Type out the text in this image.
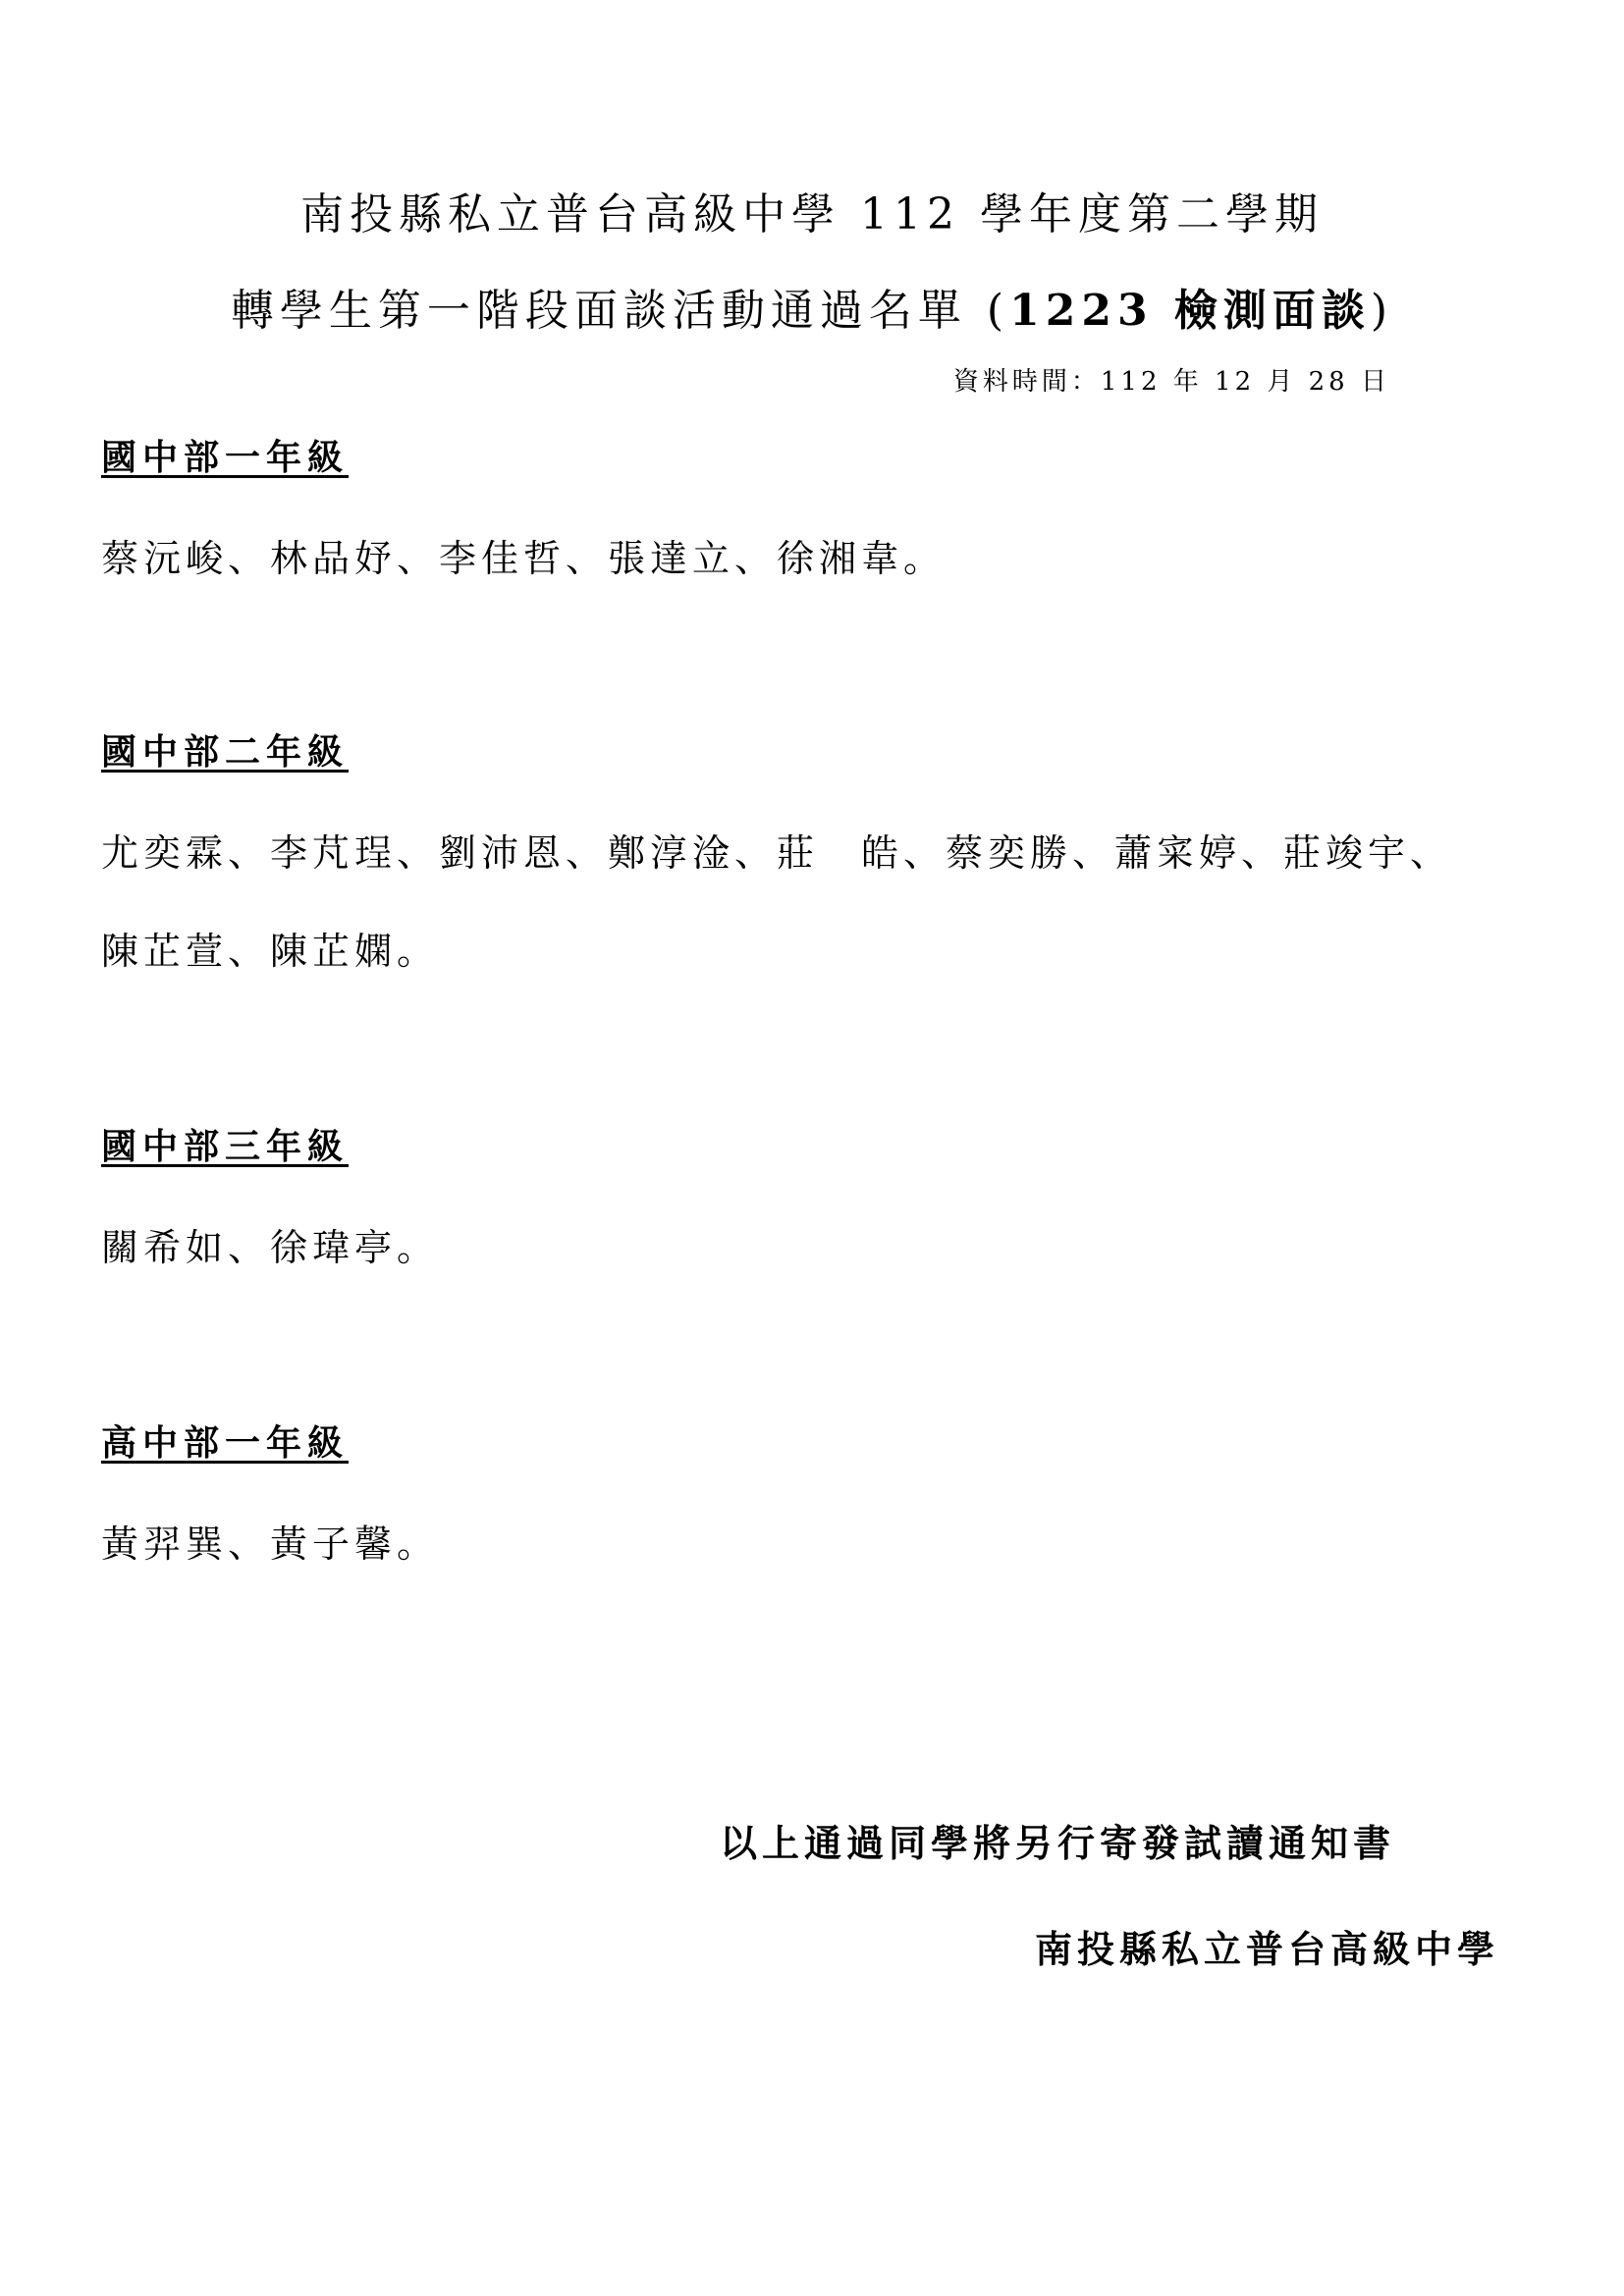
南投縣私立普台高級中學 112 學年度第二學期
轉學生第一階段面談活動通過名單 (1223 檢測面談)
資料時間：112 年 12 月 28 日
國中部一年級
蔡沅峻、林品妤、李佳哲、張達立、徐湘韋。
國中部二年級
尤奕霖、李芃珵、劉沛恩、鄭淳淦、莊　皓、蔡奕勝、蕭寀婷、莊竣宇、
陳芷萱、陳芷嫻。
國中部三年級
關希如、徐瑋亭。
高中部一年級
黃羿巽、黃子馨。
以上通過同學將另行寄發試讀通知書
南投縣私立普台高級中學
